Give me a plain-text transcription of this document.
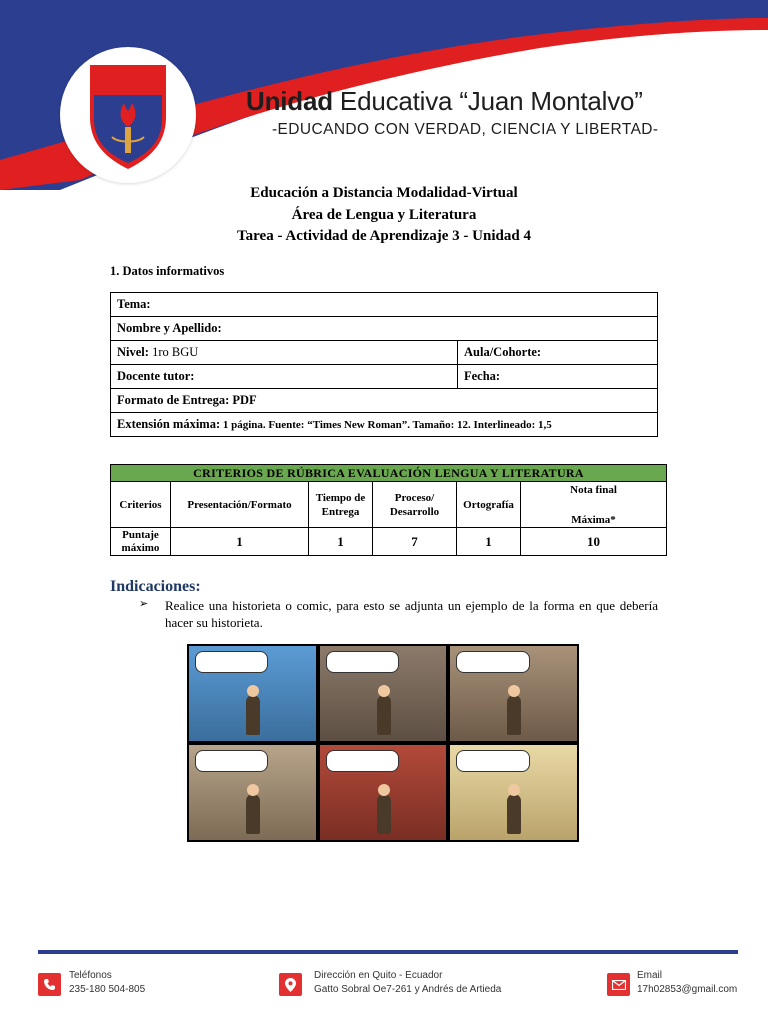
Unidad Educativa “Juan Montalvo”
-EDUCANDO CON VERDAD, CIENCIA Y LIBERTAD-
Educación a Distancia Modalidad-Virtual
Área de Lengua y Literatura
Tarea - Actividad de Aprendizaje 3 - Unidad 4
1. Datos informativos
Tema:	
Nombre y Apellido:	
Nivel: 1ro BGU	Aula/Cohorte:
Docente tutor:	Fecha:
Formato de Entrega: PDF	
Extensión máxima: 1 página. Fuente: “Times New Roman”. Tamaño: 12. Interlineado: 1,5	
CRITERIOS DE RÚBRICA EVALUACIÓN LENGUA Y LITERATURA					
Criterios	Presentación/Formato	Tiempo de Entrega	Proceso/ Desarrollo	Ortografía	Nota final
Máxima*

Puntaje máximo	1	1	7	1	10
Indicaciones:
➢ Realice una historieta o comic, para esto se adjunta un ejemplo de la forma en que debería hacer su historieta.
Teléfonos
235-180 504-805
Dirección en Quito - Ecuador
Gatto Sobral Oe7-261 y Andrés de Artieda
Email
17h02853@gmail.com
